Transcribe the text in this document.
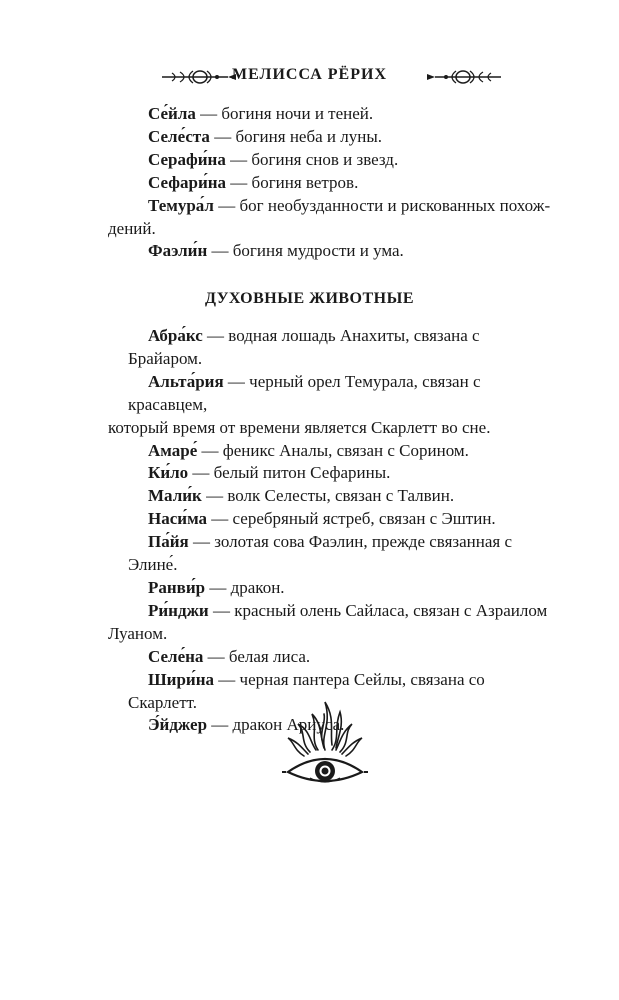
МЕЛИССА РЁРИХ

Се́йла — богиня ночи и теней.

Селе́ста — богиня неба и луны.

Серафи́на — богиня снов и звезд.

Сефари́на — богиня ветров.

Темура́л — бог необузданности и рискованных похож-
дений.

Фаэли́н — богиня мудрости и ума.

ДУХОВНЫЕ ЖИВОТНЫЕ

Абра́кс — водная лошадь Анахиты, связана с Брайаром.

Альта́рия — черный орел Темурала, связан с красавцем,
который время от времени является Скарлетт во сне.

Амаре́ — феникс Аналы, связан с Сорином.

Ки́ло — белый питон Сефарины.

Мали́к — волк Селесты, связан с Талвин.

Наси́ма — серебряный ястреб, связан с Эштин.

Па́йя — золотая сова Фаэлин, прежде связанная с Элине́.

Ранви́р — дракон.

Ри́нджи — красный олень Сайласа, связан с Азраилом
Луаном.

Селе́на — белая лиса.

Шири́на — черная пантера Сейлы, связана со Скарлетт.

Э́йджер — дракон Ариуса.
